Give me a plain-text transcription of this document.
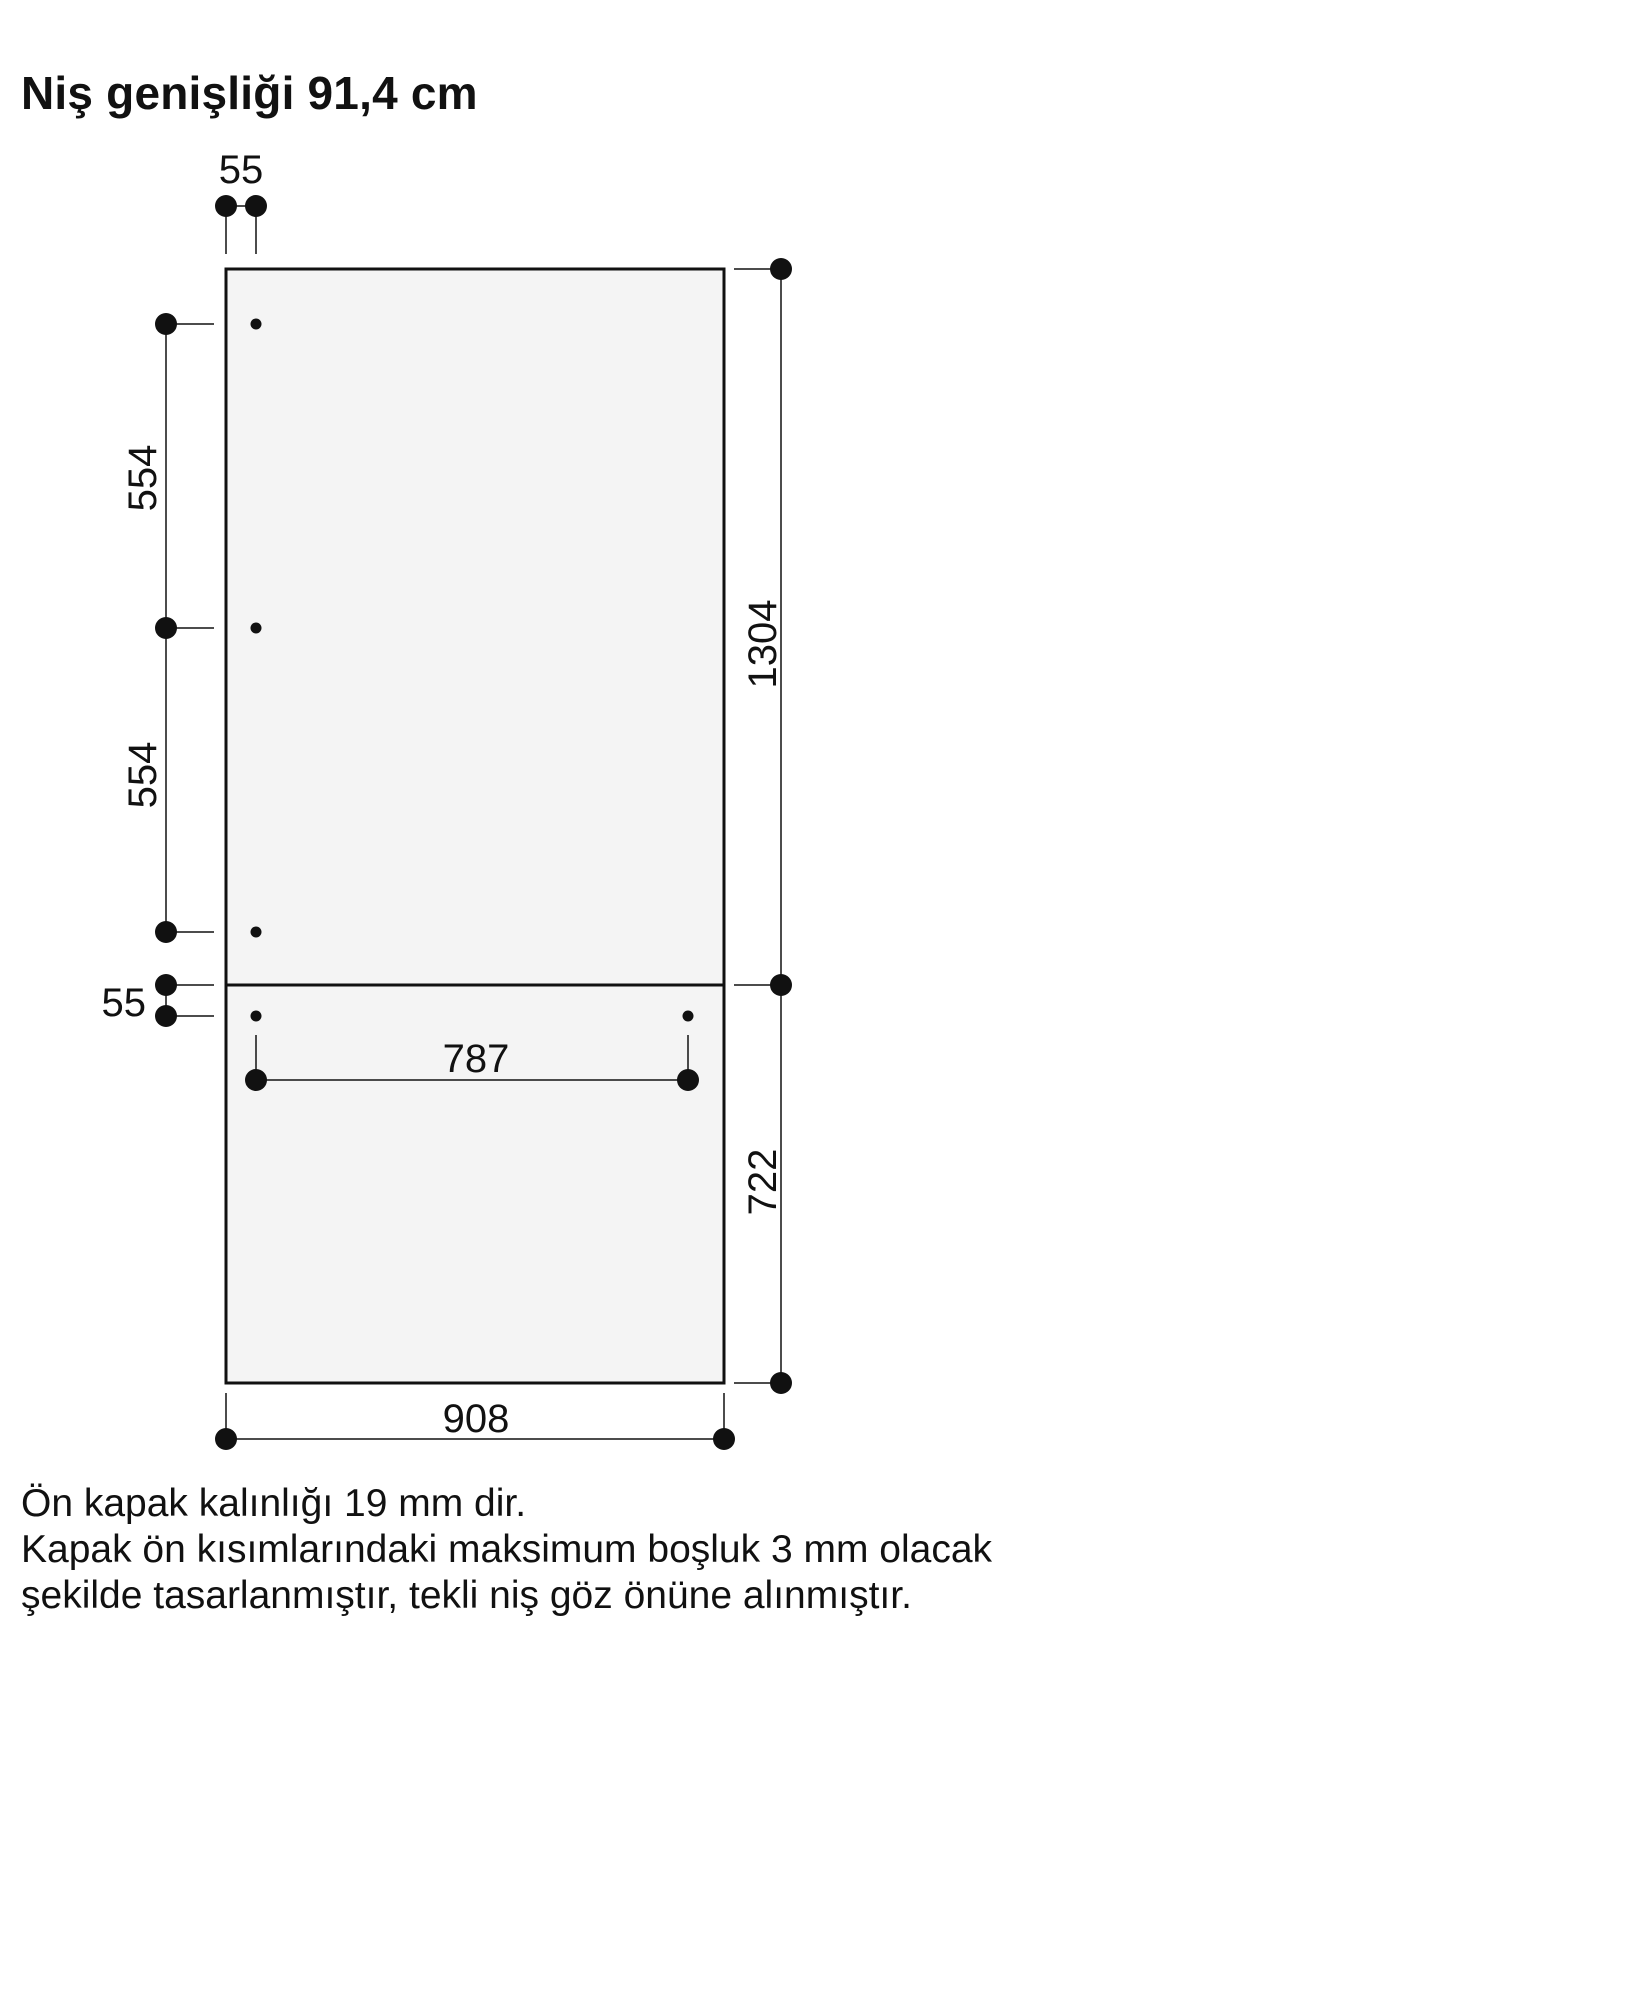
Niş genişliği 91,4 cm
55
554
554
55
1304
722
787
908
Ön kapak kalınlığı 19 mm dir.
Kapak ön kısımlarındaki maksimum boşluk 3 mm olacak
şekilde tasarlanmıştır, tekli niş göz önüne alınmıştır.
